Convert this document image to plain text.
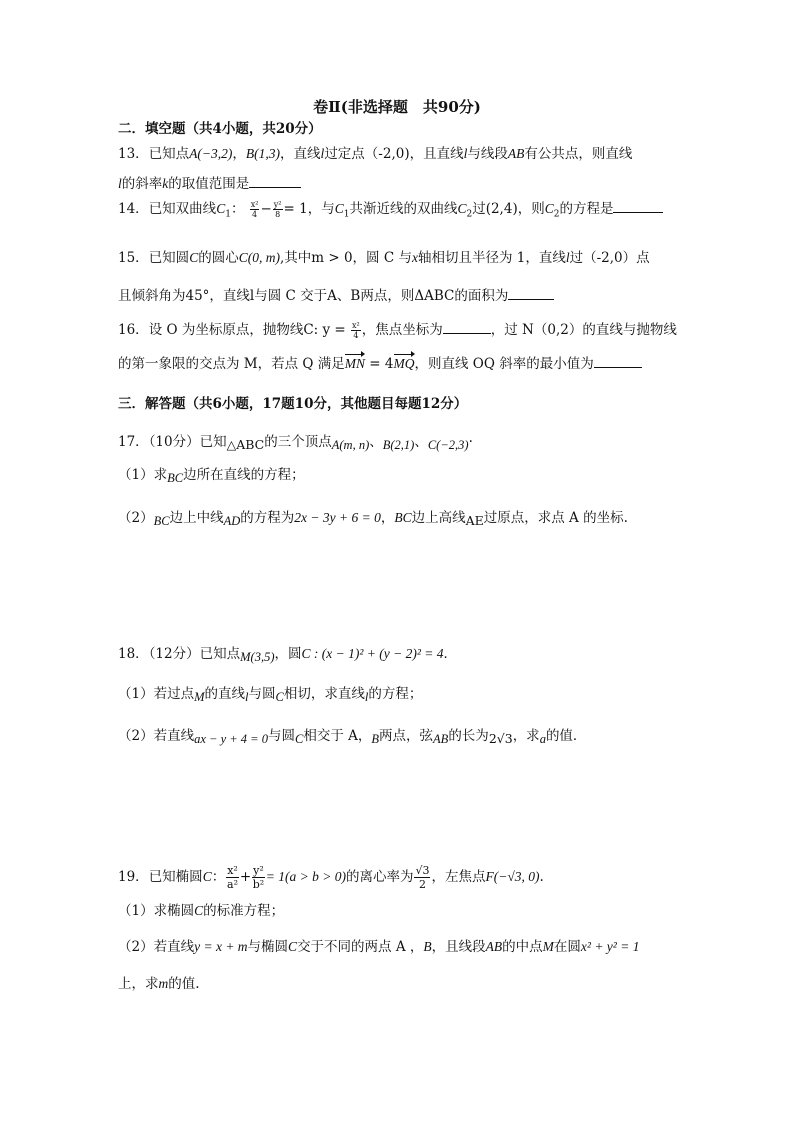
卷Ⅱ(非选择题　共90分)
二．填空题（共4小题，共20分）
13．已知点A(−3,2)，B(1,3)，直线l过定点（-2,0)，且直线l与线段AB有公共点，则直线
l的斜率k的取值范围是
14．已知双曲线$C_1$： $\frac{\text{x²}}{4} - \frac{\text{y²}}{8} = 1$，与$C_1$共渐近线的双曲线$C_2$过(2,4)，则$C_2$的方程是
15．已知圆C的圆心C(0, m),其中m > 0，圆 C 与x轴相切且半径为 1，直线l过（-2,0）点
且倾斜角为45°，直线l与圆 C 交于A、B两点，则ΔABC的面积为
16．设 O 为坐标原点，抛物线C: $y = \frac{\text{x²}}{4}$ ，焦点坐标为	，过 N（0,2）的直线与抛物线
的第一象限的交点为 M，若点 Q 满足MN = 4MQ，则直线 OQ 斜率的最小值为
三．解答题（共6小题，17题10分，其他题目每题12分）
17．（10分）已知△ABC的三个顶点A(m, n)、B(2,1)、C(−2,3)·
（1）求BC边所在直线的方程；
（2）BC边上中线AD的方程为2x − 3y + 6 = 0，BC边上高线AE过原点，求点 A 的坐标.
18．（12分）已知点M(3,5)，圆C : (x − 1)² + (y − 2)² = 4．
（1）若过点M的直线l与圆C相切，求直线l的方程；
（2）若直线ax − y + 4 = 0与圆C相交于 A，B两点，弦AB的长为2√3，求a的值．
19．已知椭圆C： $\frac{\text{x²}}{\text{a²}} + \frac{\text{y²}}{\text{b²}} = 1(a > b > 0)$的离心率为 $\frac{√3}{2}$ ，左焦点F(−√3, 0).
（1）求椭圆C的标准方程；
（2）若直线y = x + m与椭圆C交于不同的两点 A ，B，且线段AB的中点M在圆x² + y² = 1
上，求m的值.
